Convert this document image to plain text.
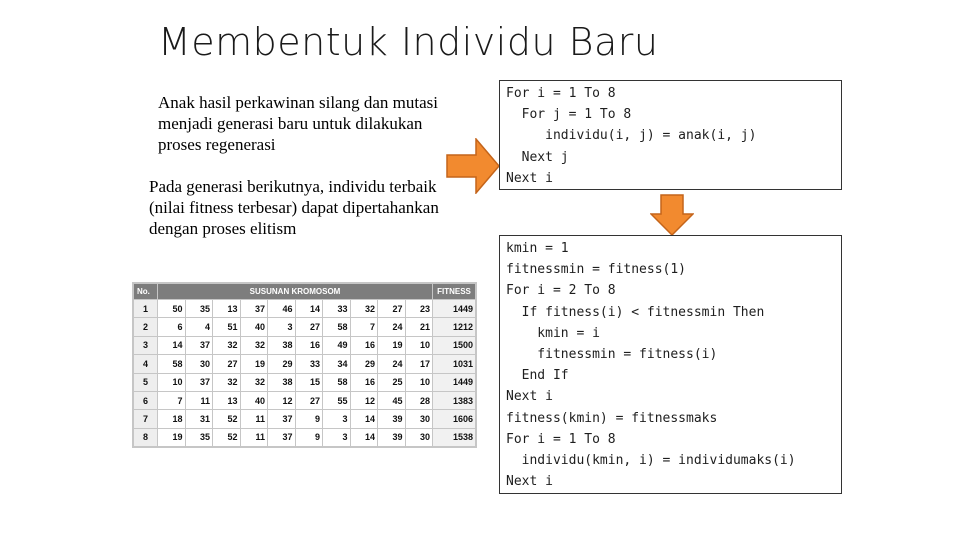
Membentuk Individu Baru
Anak hasil perkawinan silang dan mutasi menjadi generasi baru untuk dilakukan proses regenerasi
Pada generasi berikutnya, individu terbaik (nilai fitness terbesar) dapat dipertahankan dengan proses elitism
For i = 1 To 8
For j = 1 To 8
individu(i, j) = anak(i, j)
Next j
Next i
kmin = 1
fitnessmin = fitness(1)
For i = 2 To 8
If fitness(i) < fitnessmin Then
kmin = i
fitnessmin = fitness(i)
End If
Next i
fitness(kmin) = fitnessmaks
For i = 1 To 8
individu(kmin, i) = individumaks(i)
Next i
No.	SUSUNAN KROMOSOM										FITNESS
1	50	35	13	37	46	14	33	32	27	23	1449
2	6	4	51	40	3	27	58	7	24	21	1212
3	14	37	32	32	38	16	49	16	19	10	1500
4	58	30	27	19	29	33	34	29	24	17	1031
5	10	37	32	32	38	15	58	16	25	10	1449
6	7	11	13	40	12	27	55	12	45	28	1383
7	18	31	52	11	37	9	3	14	39	30	1606
8	19	35	52	11	37	9	3	14	39	30	1538
